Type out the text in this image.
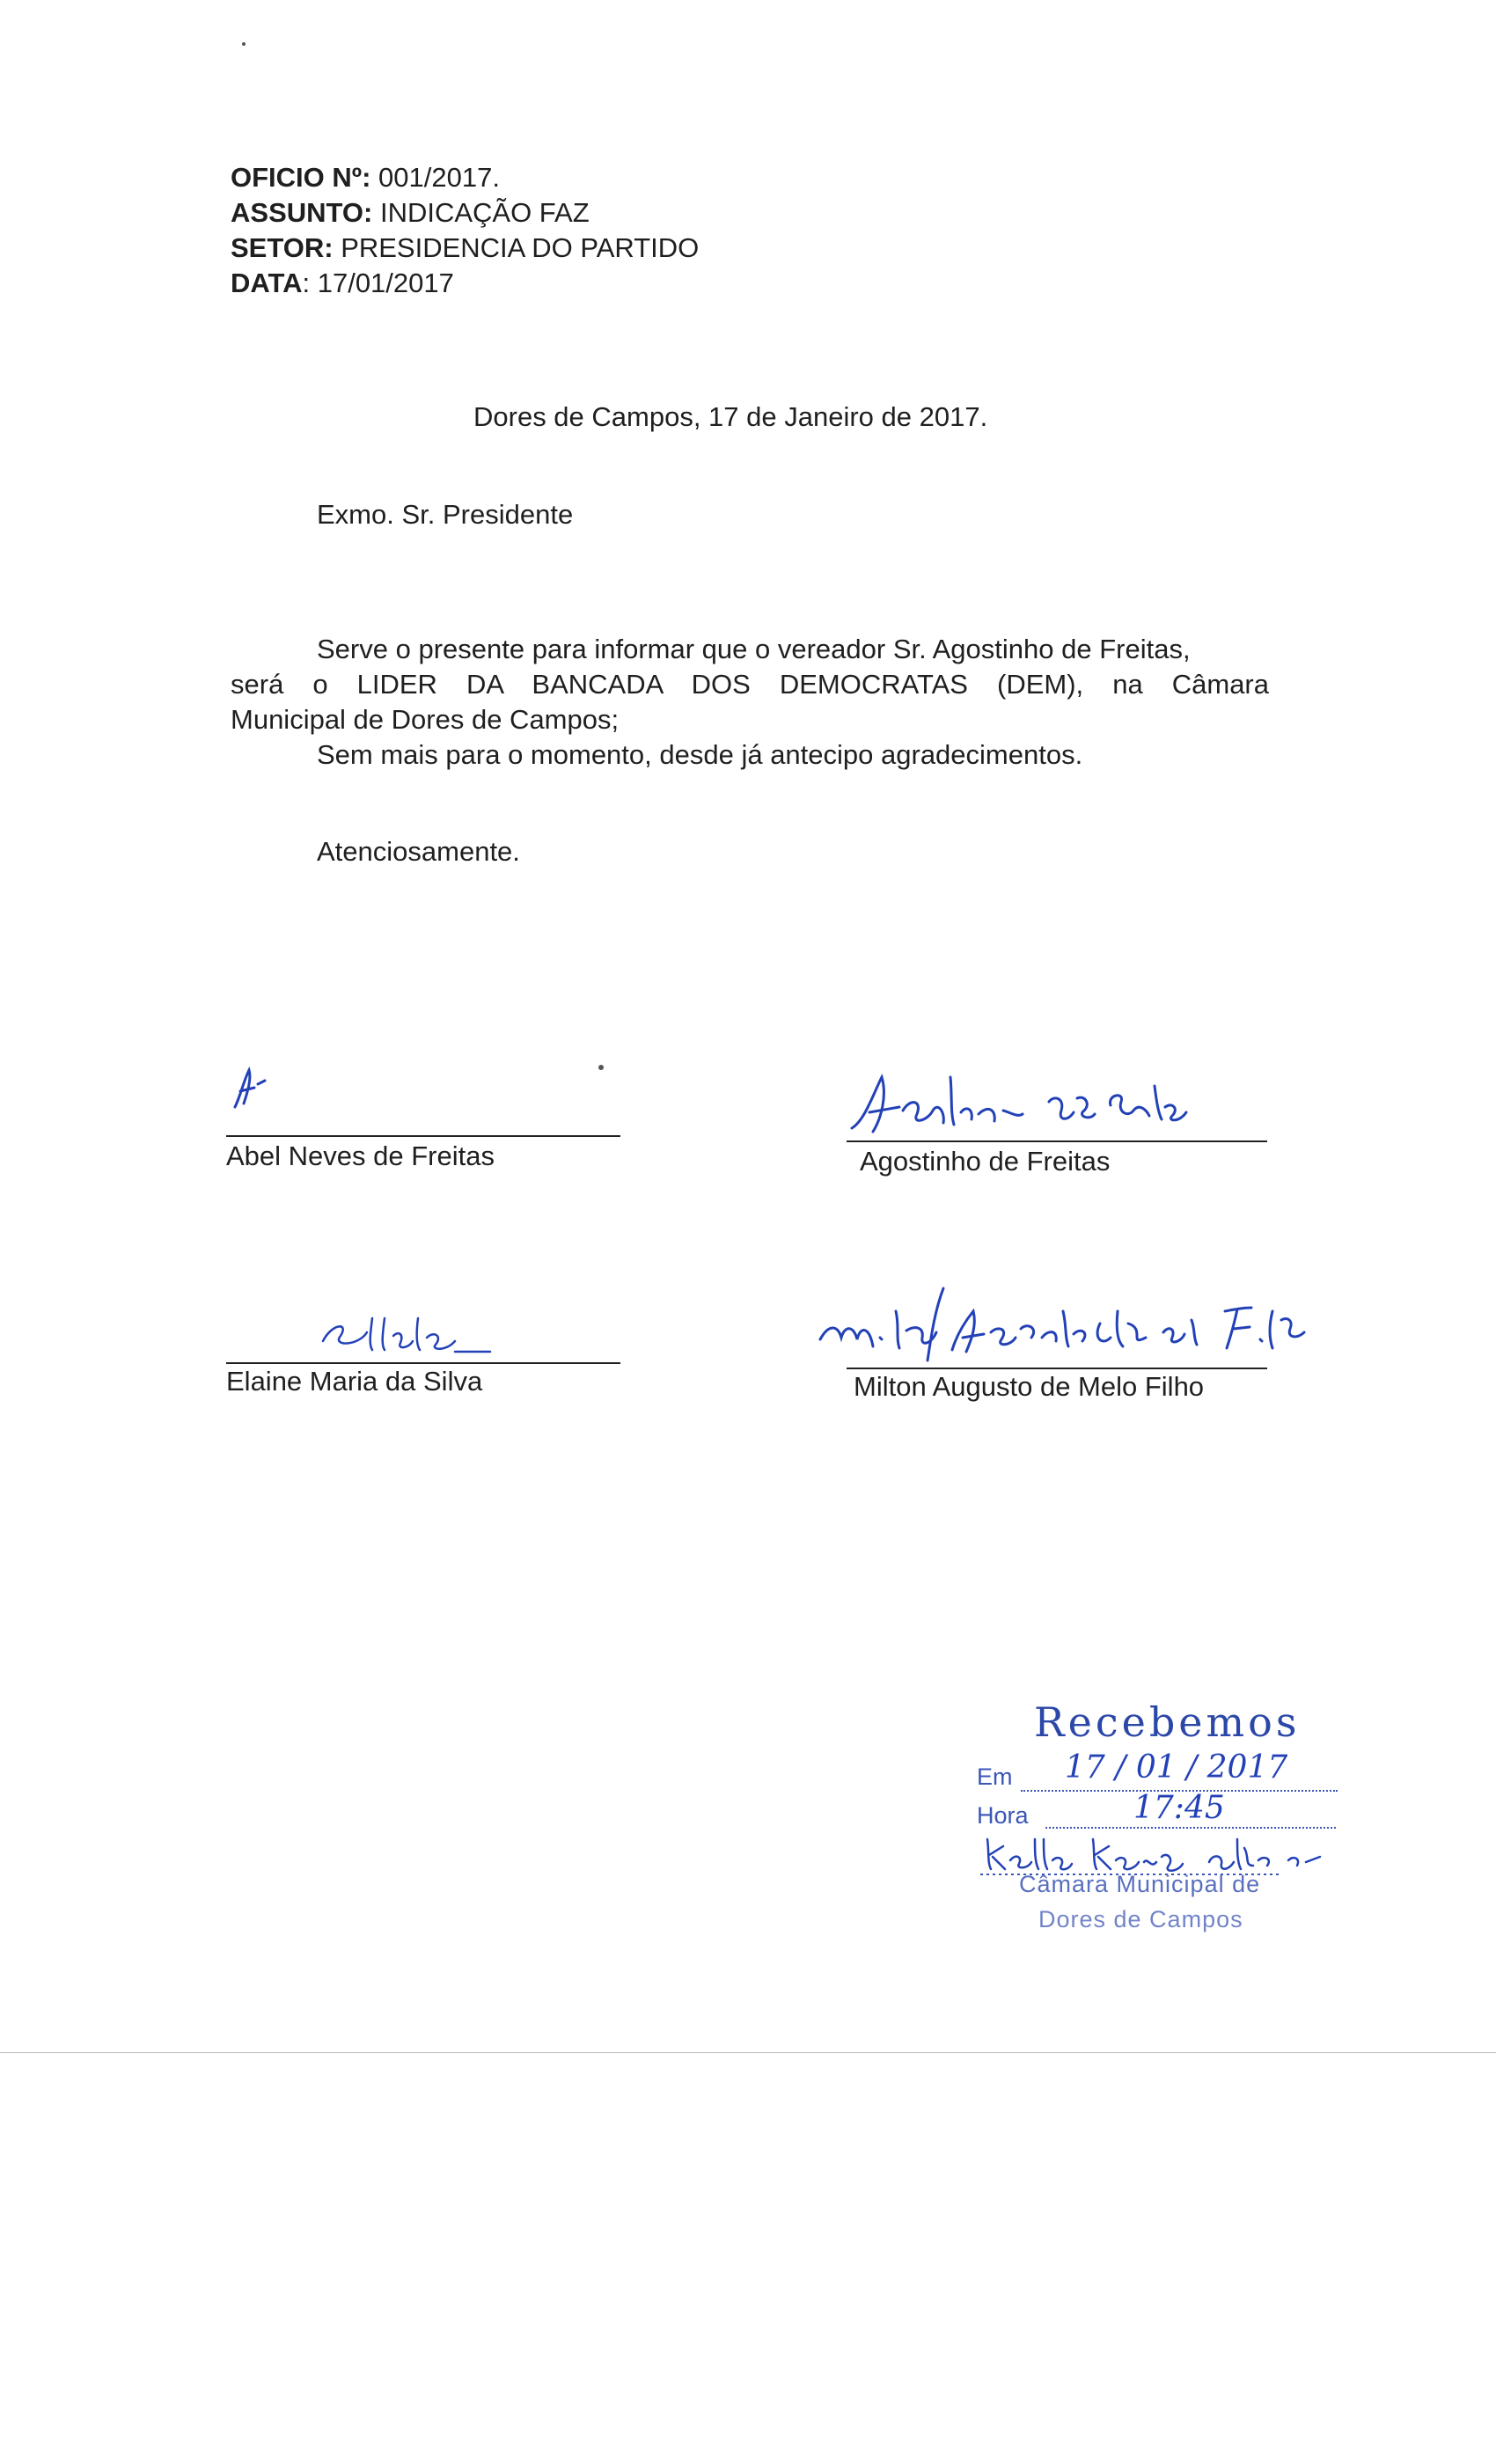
OFICIO Nº: 001/2017.
ASSUNTO: INDICAÇÃO FAZ
SETOR: PRESIDENCIA DO PARTIDO
DATA: 17/01/2017
Dores de Campos, 17 de Janeiro de 2017.
Exmo. Sr. Presidente

Serve o presente para informar que o vereador Sr. Agostinho de Freitas,

será o LIDER DA BANCADA DOS DEMOCRATAS (DEM), na Câmara

Municipal de Dores de Campos;

Sem mais para o momento, desde já antecipo agradecimentos.

Atenciosamente.
Abel Neves de Freitas	Agostinho de Freitas
Elaine Maria da Silva	Milton Augusto de Melo Filho
Recebemos
Em 17 / 01 / 2017
Hora	17:45
Câmara Municipal de
Dores de Campos
